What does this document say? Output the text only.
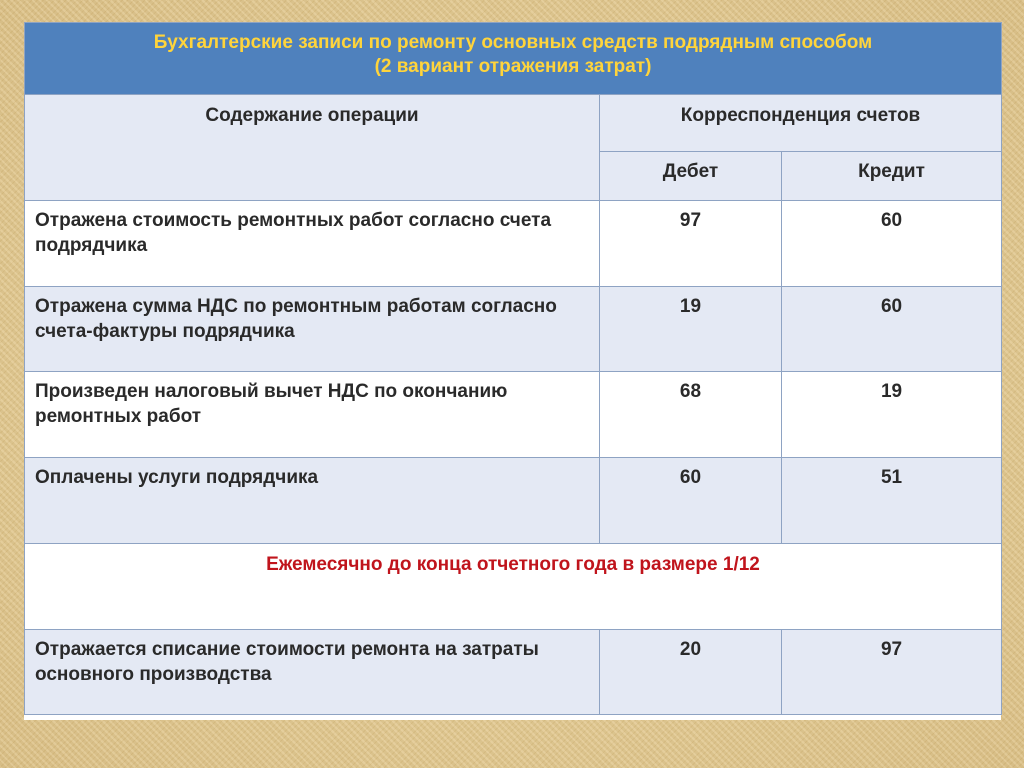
Бухгалтерские записи по ремонту основных средств подрядным способом
(2 вариант отражения затрат)		

Содержание операции	Корреспонденция счетов	
	Дебет	Кредит
Отражена стоимость ремонтных работ согласно счета подрядчика	97	60
Отражена сумма НДС по ремонтным работам согласно счета-фактуры подрядчика	19	60
Произведен налоговый вычет НДС по окончанию ремонтных работ	68	19
Оплачены услуги подрядчика	60	51
Ежемесячно до конца отчетного года в размере 1/12		
Отражается списание стоимости ремонта на затраты основного производства	20	97
